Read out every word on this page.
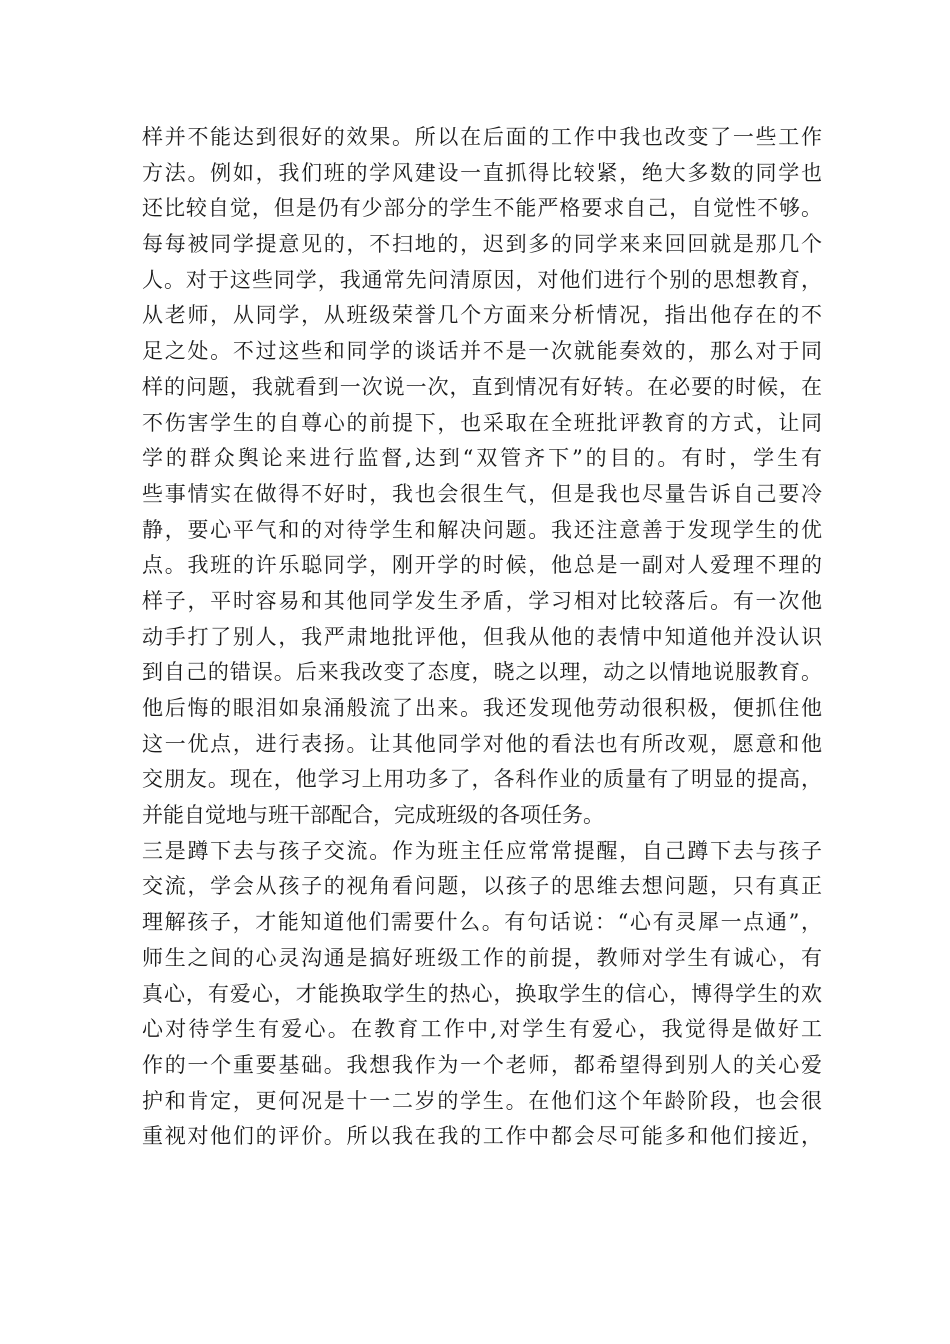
样并不能达到很好的效果。所以在后面的工作中我也改变了一些工作
方法。例如，我们班的学风建设一直抓得比较紧，绝大多数的同学也
还比较自觉，但是仍有少部分的学生不能严格要求自己，自觉性不够。
每每被同学提意见的，不扫地的，迟到多的同学来来回回就是那几个
人。对于这些同学，我通常先问清原因，对他们进行个别的思想教育，
从老师，从同学，从班级荣誉几个方面来分析情况，指出他存在的不
足之处。不过这些和同学的谈话并不是一次就能奏效的，那么对于同
样的问题，我就看到一次说一次，直到情况有好转。在必要的时候，在
不伤害学生的自尊心的前提下，也采取在全班批评教育的方式，让同
学的群众舆论来进行监督,达到“双管齐下”的目的。有时，学生有
些事情实在做得不好时，我也会很生气，但是我也尽量告诉自己要冷
静，要心平气和的对待学生和解决问题。我还注意善于发现学生的优
点。我班的许乐聪同学，刚开学的时候，他总是一副对人爱理不理的
样子，平时容易和其他同学发生矛盾，学习相对比较落后。有一次他
动手打了别人，我严肃地批评他，但我从他的表情中知道他并没认识
到自己的错误。后来我改变了态度，晓之以理，动之以情地说服教育。
他后悔的眼泪如泉涌般流了出来。我还发现他劳动很积极，便抓住他
这一优点，进行表扬。让其他同学对他的看法也有所改观，愿意和他
交朋友。现在，他学习上用功多了，各科作业的质量有了明显的提高，
并能自觉地与班干部配合，完成班级的各项任务。
三是蹲下去与孩子交流。作为班主任应常常提醒，自己蹲下去与孩子
交流，学会从孩子的视角看问题，以孩子的思维去想问题，只有真正
理解孩子，才能知道他们需要什么。有句话说：“心有灵犀一点通”，
师生之间的心灵沟通是搞好班级工作的前提，教师对学生有诚心，有
真心，有爱心，才能换取学生的热心，换取学生的信心，博得学生的欢
心对待学生有爱心。在教育工作中,对学生有爱心，我觉得是做好工
作的一个重要基础。我想我作为一个老师，都希望得到别人的关心爱
护和肯定，更何况是十一二岁的学生。在他们这个年龄阶段，也会很
重视对他们的评价。所以我在我的工作中都会尽可能多和他们接近，
